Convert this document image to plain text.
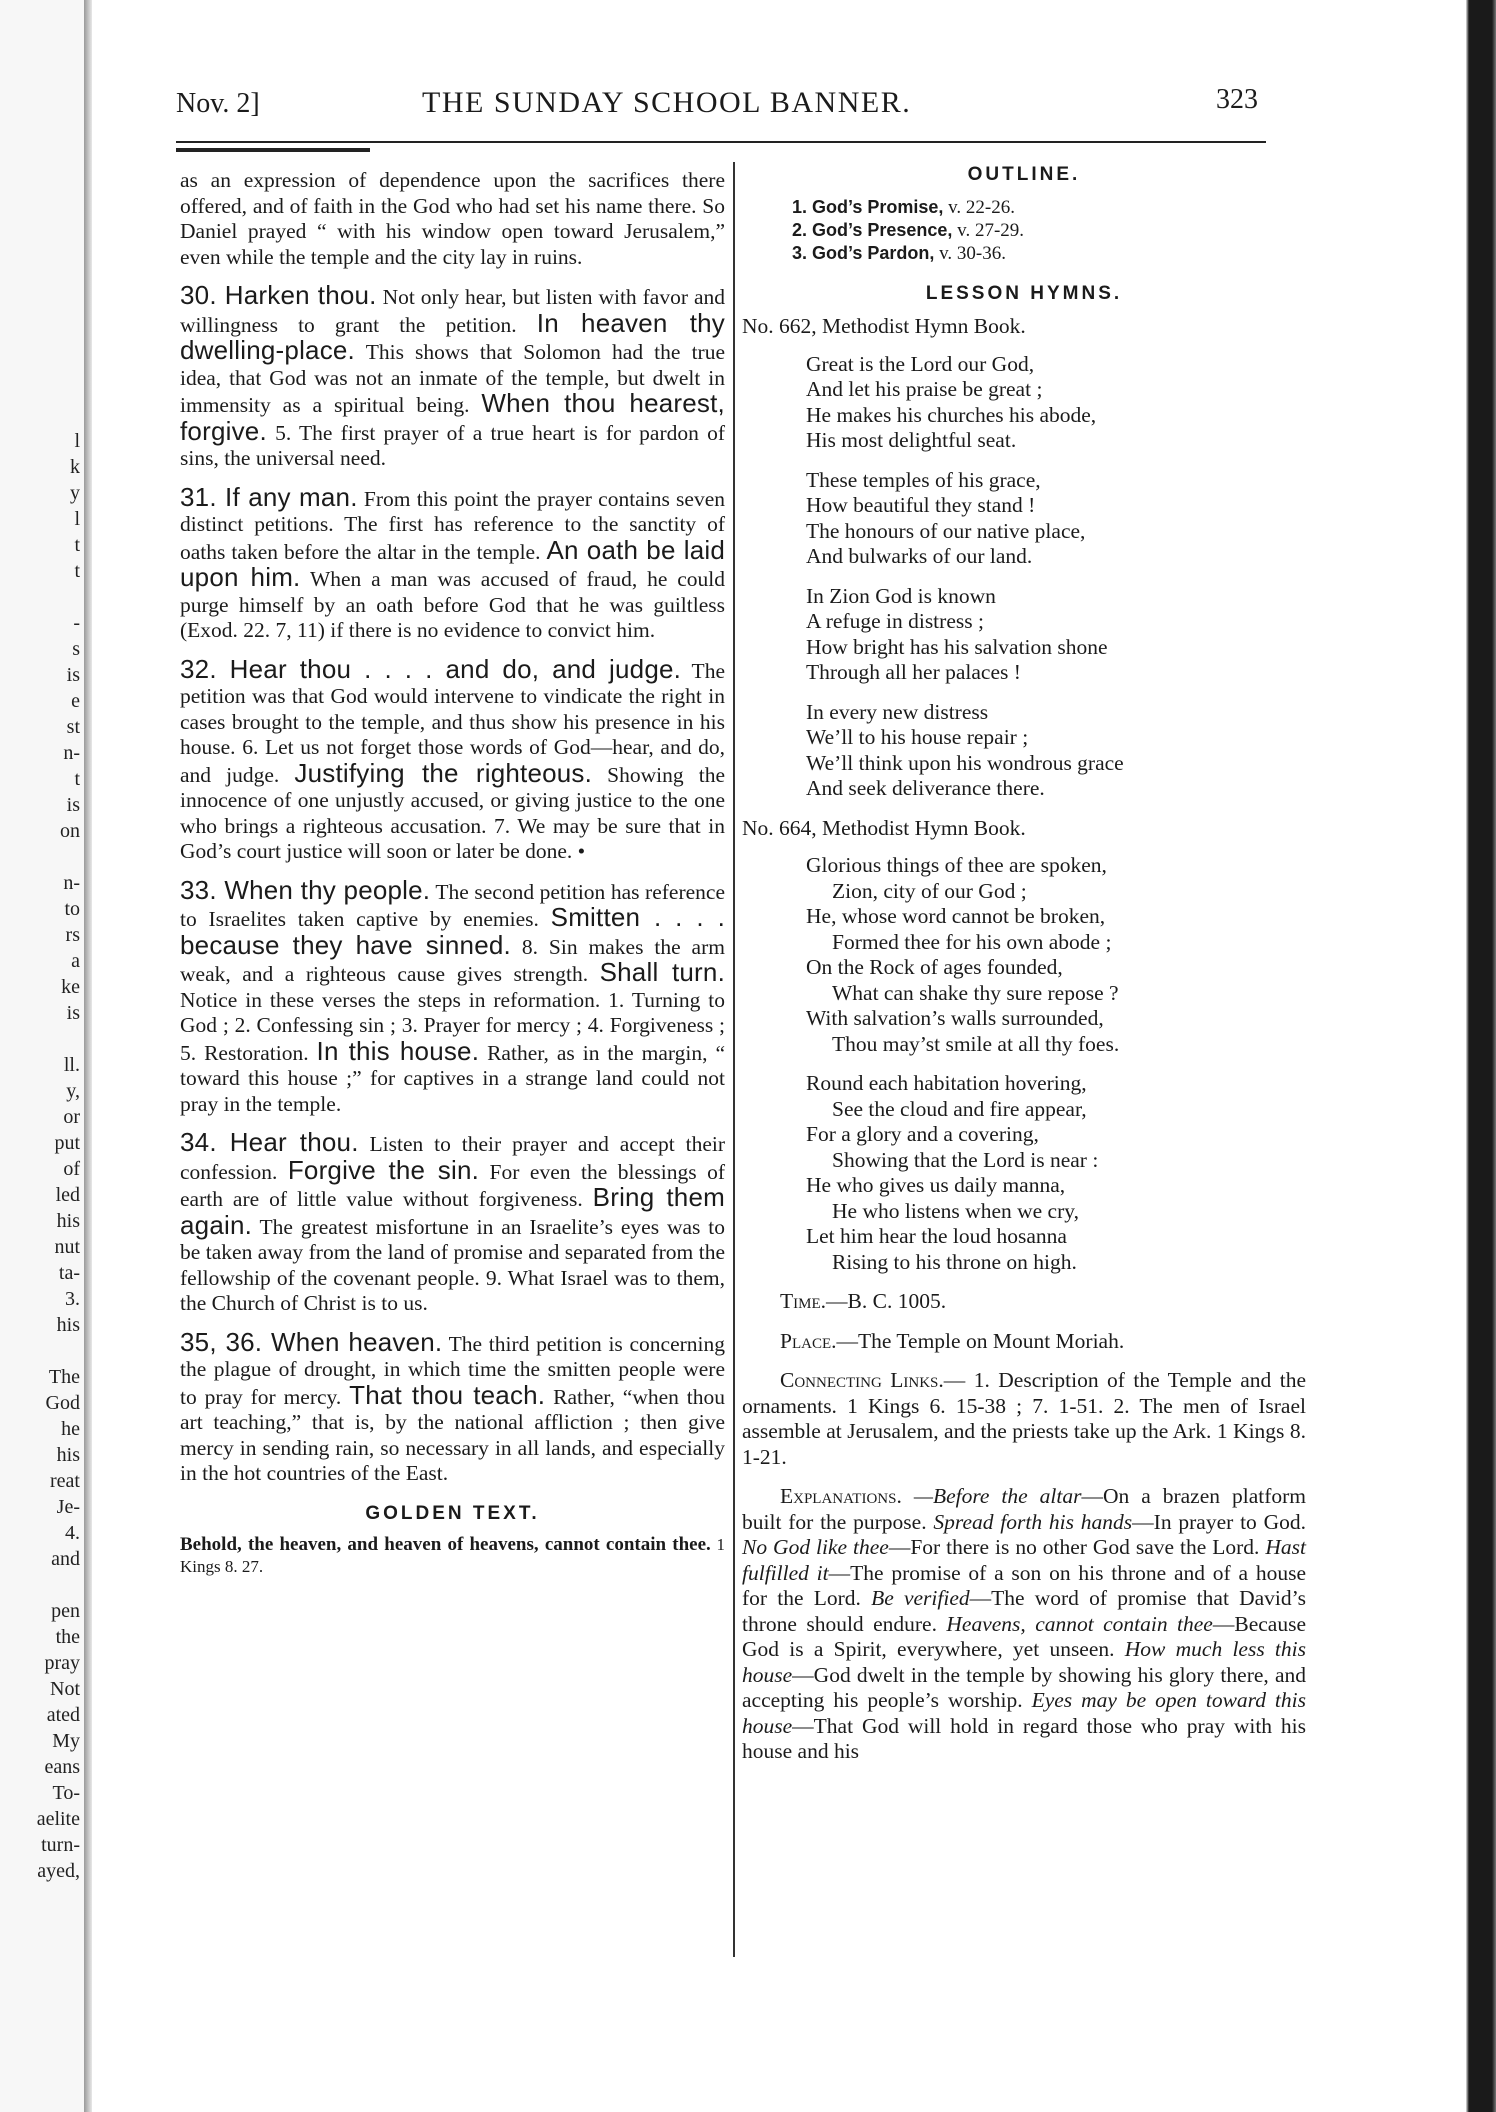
l
k
y
l
t
t
-
s
is
e
st
n-
t
is
on
n-
to
rs
a
ke
is
ll.
y,
or
put
of
led
his
nut
ta-
3.
his
The
God
he
his
reat
Je-
4.
and
pen
the
pray
Not
ated
My
eans
To-
aelite
turn-
ayed,
Nov. 2]	THE SUNDAY SCHOOL BANNER.	323

as an expression of dependence upon the sacrifices there offered, and of faith in the God who had set his name there. So Daniel prayed “ with his window open toward Jerusalem,” even while the temple and the city lay in ruins.

30. Harken thou. Not only hear, but listen with favor and willingness to grant the petition. In heaven thy dwelling-place. This shows that Solomon had the true idea, that God was not an inmate of the temple, but dwelt in immensity as a spiritual being. When thou hearest, forgive. 5. The first prayer of a true heart is for pardon of sins, the universal need.

31. If any man. From this point the prayer contains seven distinct petitions. The first has reference to the sanctity of oaths taken before the altar in the temple. An oath be laid upon him. When a man was accused of fraud, he could purge himself by an oath before God that he was guiltless (Exod. 22. 7, 11) if there is no evidence to convict him.

32. Hear thou . . . . and do, and judge. The petition was that God would intervene to vindicate the right in cases brought to the temple, and thus show his presence in his house. 6. Let us not forget those words of God—hear, and do, and judge. Justifying the righteous. Showing the innocence of one unjustly accused, or giving justice to the one who brings a righteous accusation. 7. We may be sure that in God’s court justice will soon or later be done. •

33. When thy people. The second petition has reference to Israelites taken captive by enemies. Smitten . . . . because they have sinned. 8. Sin makes the arm weak, and a righteous cause gives strength. Shall turn. Notice in these verses the steps in reformation. 1. Turning to God ; 2. Confessing sin ; 3. Prayer for mercy ; 4. Forgiveness ; 5. Restoration. In this house. Rather, as in the margin, “ toward this house ;” for captives in a strange land could not pray in the temple.

34. Hear thou. Listen to their prayer and accept their confession. Forgive the sin. For even the blessings of earth are of little value without forgiveness. Bring them again. The greatest misfortune in an Israelite’s eyes was to be taken away from the land of promise and separated from the fellowship of the covenant people. 9. What Israel was to them, the Church of Christ is to us.

35, 36. When heaven. The third petition is concerning the plague of drought, in which time the smitten people were to pray for mercy. That thou teach. Rather, “when thou art teaching,” that is, by the national affliction ; then give mercy in sending rain, so necessary in all lands, and especially in the hot countries of the East.

GOLDEN TEXT.

Behold, the heaven, and heaven of heavens, cannot contain thee. 1 Kings 8. 27.

OUTLINE.
1. God’s Promise, v. 22-26.
2. God’s Presence, v. 27-29.
3. God’s Pardon, v. 30-36.
LESSON HYMNS.

No. 662, Methodist Hymn Book.

Great is the Lord our God,
And let his praise be great ;
He makes his churches his abode,
His most delightful seat.
These temples of his grace,
How beautiful they stand !
The honours of our native place,
And bulwarks of our land.
In Zion God is known
A refuge in distress ;
How bright has his salvation shone
Through all her palaces !
In every new distress
We’ll to his house repair ;
We’ll think upon his wondrous grace
And seek deliverance there.

No. 664, Methodist Hymn Book.

Glorious things of thee are spoken,
Zion, city of our God ;
He, whose word cannot be broken,
Formed thee for his own abode ;
On the Rock of ages founded,
What can shake thy sure repose ?
With salvation’s walls surrounded,
Thou may’st smile at all thy foes.
Round each habitation hovering,
See the cloud and fire appear,
For a glory and a covering,
Showing that the Lord is near :
He who gives us daily manna,
He who listens when we cry,
Let him hear the loud hosanna
Rising to his throne on high.

Time.—B. C. 1005.

Place.—The Temple on Mount Moriah.

Connecting Links.— 1. Description of the Temple and the ornaments. 1 Kings 6. 15-38 ; 7. 1-51. 2. The men of Israel assemble at Jerusalem, and the priests take up the Ark. 1 Kings 8. 1-21.

Explanations. —Before the altar—On a brazen platform built for the purpose. Spread forth his hands—In prayer to God. No God like thee—For there is no other God save the Lord. Hast fulfilled it—The promise of a son on his throne and of a house for the Lord. Be verified—The word of promise that David’s throne should endure. Heavens, cannot contain thee—Because God is a Spirit, everywhere, yet unseen. How much less this house—God dwelt in the temple by showing his glory there, and accepting his people’s worship. Eyes may be open toward this house—That God will hold in regard those who pray with his house and his
